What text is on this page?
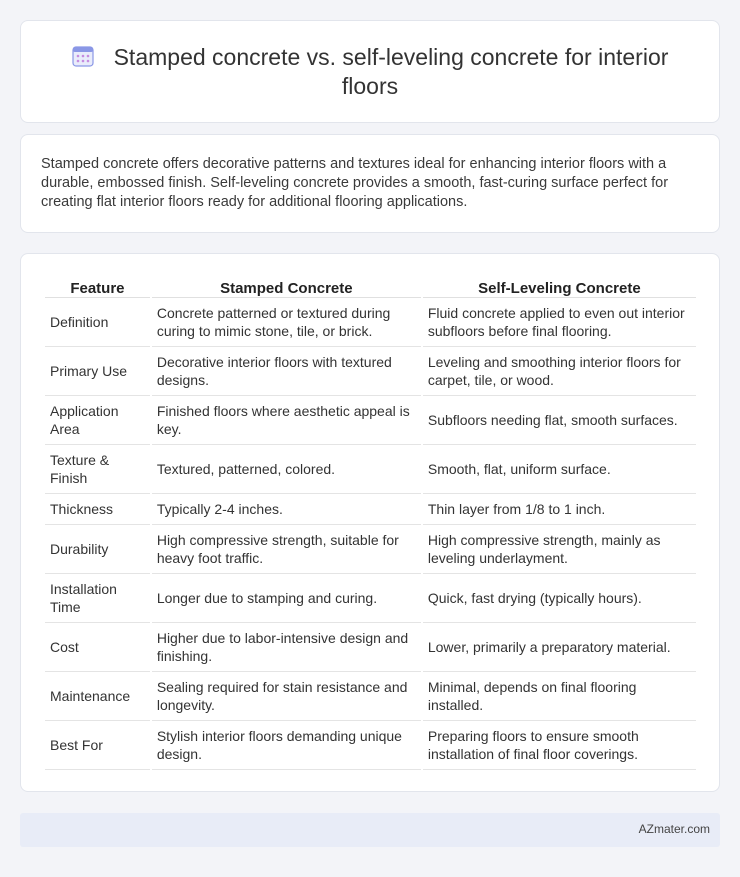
Stamped concrete vs. self-leveling concrete for interior floors

Stamped concrete offers decorative patterns and textures ideal for enhancing interior floors with a durable, embossed finish. Self-leveling concrete provides a smooth, fast-curing surface perfect for creating flat interior floors ready for additional flooring applications.

Feature	Stamped Concrete	Self-Leveling Concrete
Definition	Concrete patterned or textured during curing to mimic stone, tile, or brick.	Fluid concrete applied to even out interior subfloors before final flooring.
Primary Use	Decorative interior floors with textured designs.	Leveling and smoothing interior floors for carpet, tile, or wood.
Application Area	Finished floors where aesthetic appeal is key.	Subfloors needing flat, smooth surfaces.
Texture & Finish	Textured, patterned, colored.	Smooth, flat, uniform surface.
Thickness	Typically 2-4 inches.	Thin layer from 1/8 to 1 inch.
Durability	High compressive strength, suitable for heavy foot traffic.	High compressive strength, mainly as leveling underlayment.
Installation Time	Longer due to stamping and curing.	Quick, fast drying (typically hours).
Cost	Higher due to labor-intensive design and finishing.	Lower, primarily a preparatory material.
Maintenance	Sealing required for stain resistance and longevity.	Minimal, depends on final flooring installed.
Best For	Stylish interior floors demanding unique design.	Preparing floors to ensure smooth installation of final floor coverings.
AZmater.com
